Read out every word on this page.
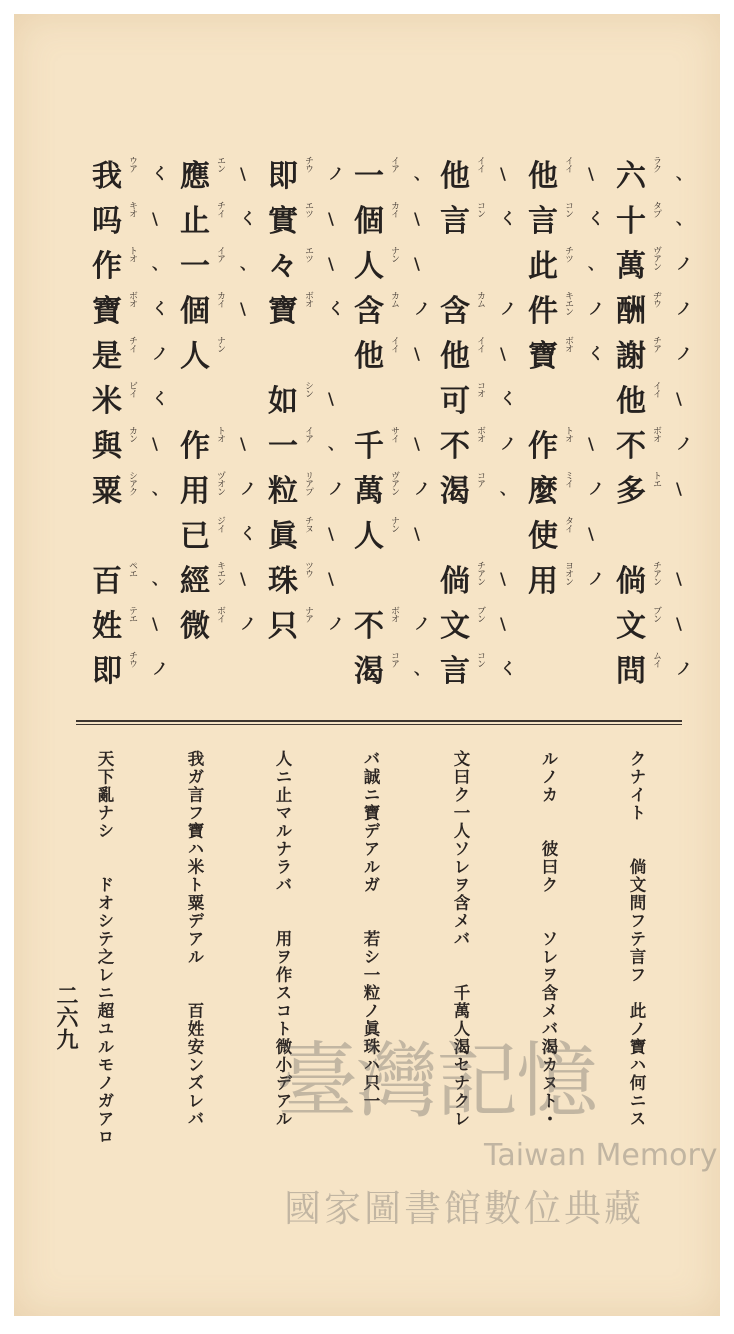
我 ウア く
吗 キオ \
作 トオ 、
寶 ボオ く
是 チイ ノ
米 ビイ く
與 カン \
粟 シアク 、
百 ペエ 、
姓 テエ \
即 チウ ノ
應 エン \
止 チイ く
一 イア 、
個 カイ \
人 ナン
作 トオ \
用 ヅオン ノ
已 ジイ く
經 キエン \
微 ボイ ノ
即 チウ ノ
實 エツ \
々 エツ \
寶 ボオ く
如 シン \
一 イア 、
粒 リアプ ノ
眞 チヌ \
珠 ツウ \
只 ナア ノ
一 イア 、
個 カイ \
人 ナン \
含 カム ノ
他 イイ \
千 サイ \
萬 ヴアン ノ
人 ナン \
不 ボオ ノ
渴 コア 、
他 イイ \
言 コン く
含 カム ノ
他 イイ \
可 コオ く
不 ボオ ノ
渴 コア 、
倘 チアン \
文 ブン \
言 コン く
他 イイ \
言 コン く
此 チツ 、
件 キエン ノ
寶 ボオ く
作 トオ \
麼 ミイ ノ
使 タイ \
用 ヨオン ノ
六 ラク 、
十 タプ 、
萬 ヴアン ノ
酬 ヂウ ノ
謝 チア ノ
他 イイ \
不 ボオ ノ
多 トエ \
倘 チアン \
文 ブン \
問 ムイ ノ
天下亂ナシ　　ドオシテ之レニ超ユルモノガアロ	我ガ言フ寶ハ米ト粟デアル　　百姓安ンズレバ	人ニ止マルナラバ　　用ヲ作スコト微小デアル	バ誠ニ寶デアルガ　　若シ一粒ノ眞珠ハ只一	文曰ク一人ソレヲ含メバ　　千萬人渴セナクレ	ルノカ　　彼曰ク　　ソレヲ含メバ渴カヌト・	クナイト　　倘文問フテ言フ　此ノ寶ハ何ニス
二六九
臺灣記憶
Taiwan Memory
國家圖書館數位典藏
